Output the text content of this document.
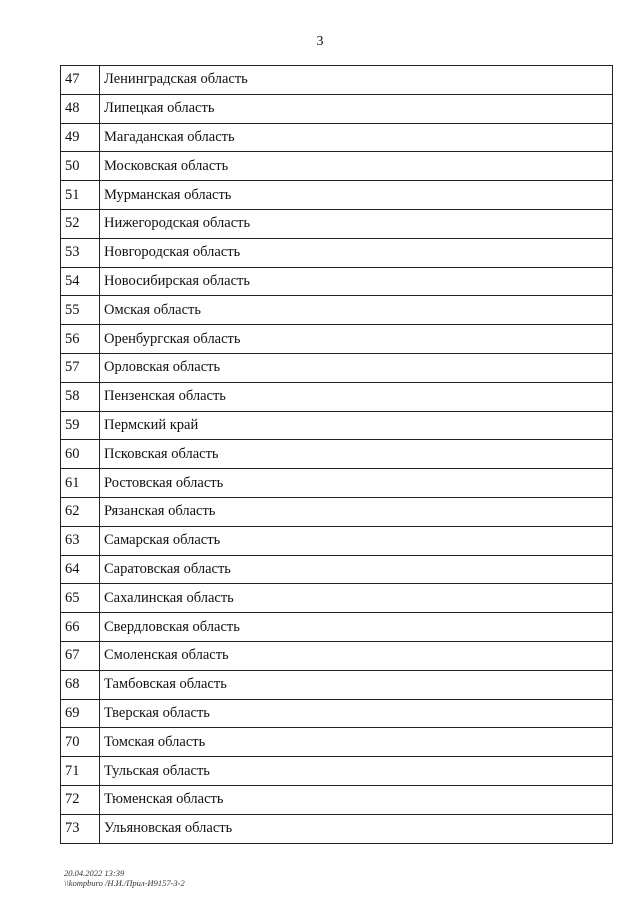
3
47	Ленинградская область
48	Липецкая область
49	Магаданская область
50	Московская область
51	Мурманская область
52	Нижегородская область
53	Новгородская область
54	Новосибирская область
55	Омская область
56	Оренбургская область
57	Орловская область
58	Пензенская область
59	Пермский край
60	Псковская область
61	Ростовская область
62	Рязанская область
63	Самарская область
64	Саратовская область
65	Сахалинская область
66	Свердловская область
67	Смоленская область
68	Тамбовская область
69	Тверская область
70	Томская область
71	Тульская область
72	Тюменская область
73	Ульяновская область
20.04.2022 13:39
\\kompburo /Н.И./Прил-И9157-3-2
